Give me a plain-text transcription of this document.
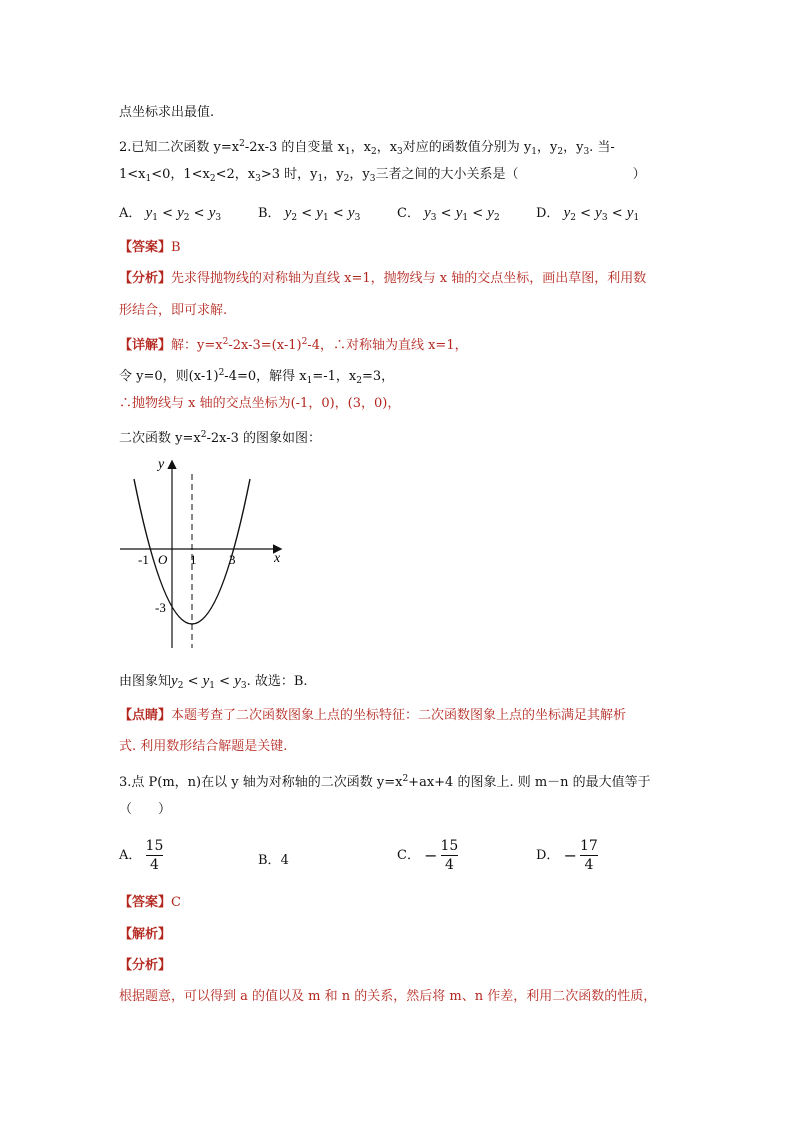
点坐标求出最值.
2.已知二次函数 $y=x^2-2x-3$ 的自变量 $x_1$，$x_2$，$x_3$对应的函数值分别为 $y_1$，$y_2$，$y_3$. 当-
$1<x_1<0$，$1<x_2<2$，$x_3>3$ 时，$y_1$，$y_2$，$y_3$三者之间的大小关系是（	）
A． $y_1 < y_2 < y_3$	B． $y_2 < y_1 < y_3$	C． $y_3 < y_1 < y_2$	D． $y_2 < y_3 < y_1$
【答案】B
【分析】先求得抛物线的对称轴为直线 x=1，抛物线与 x 轴的交点坐标，画出草图，利用数
形结合，即可求解.
【详解】解：$y=x^2-2x-3=(x-1)^2-4$，∴对称轴为直线 x=1，
令 y=0，则$(x-1)^2-4=0$，解得 $x_1=-1$，$x_2=3$，
∴抛物线与 x 轴的交点坐标为(-1，0)，(3，0)，
二次函数 $y=x^2-2x-3$ 的图象如图：
y
x
O
-1	1	3
-3
由图象知$y_2 < y_1 < y_3$. 故选：B.
【点睛】本题考查了二次函数图象上点的坐标特征：二次函数图象上点的坐标满足其解析
式. 利用数形结合解题是关键.
3.点 P(m，n)在以 y 轴为对称轴的二次函数 $y=x^2+ax+4$ 的图象上. 则 m－n 的最大值等于
（　　）
A． $\frac{15}{4}$	B．4	C． − $\frac{15}{4}$	D． − $\frac{17}{4}$
【答案】C
【解析】
【分析】
根据题意，可以得到 a 的值以及 m 和 n 的关系，然后将 m、n 作差，利用二次函数的性质，
